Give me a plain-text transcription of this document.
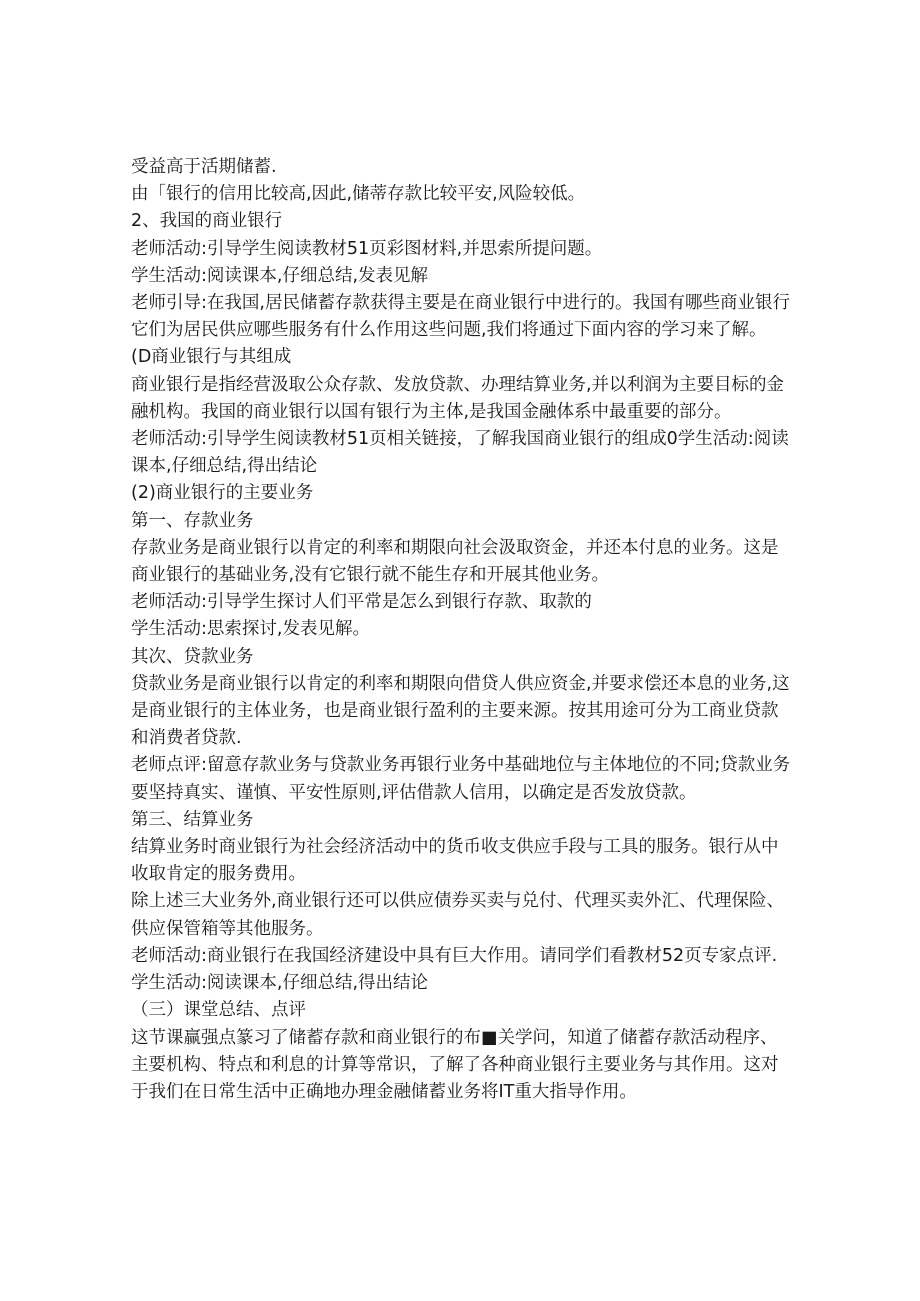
受益高于活期储蓄.

由「银行的信用比较高,因此,储蒂存款比较平安,风险较低。

2、我国的商业银行

老师活动:引导学生阅读教材51页彩图材料,并思索所提问题。

学生活动:阅读课本,仔细总结,发表见解

老师引导:在我国,居民储蓄存款获得主要是在商业银行中进行的。我国有哪些商业银行它们为居民供应哪些服务有什么作用这些问题,我们将通过下面内容的学习来了解。

(D商业银行与其组成

商业银行是指经营汲取公众存款、发放贷款、办理结算业务,并以利润为主要目标的金融机构。我国的商业银行以国有银行为主体,是我国金融体系中最重要的部分。

老师活动:引导学生阅读教材51页相关链接，了解我国商业银行的组成0学生活动:阅读课本,仔细总结,得出结论

(2)商业银行的主要业务

第一、存款业务

存款业务是商业银行以肯定的利率和期限向社会汲取资金，并还本付息的业务。这是商业银行的基础业务,没有它银行就不能生存和开展其他业务。

老师活动:引导学生探讨人们平常是怎么到银行存款、取款的

学生活动:思索探讨,发表见解。

其次、贷款业务

贷款业务是商业银行以肯定的利率和期限向借贷人供应资金,并要求偿还本息的业务,这是商业银行的主体业务，也是商业银行盈利的主要来源。按其用途可分为工商业贷款和消费者贷款.

老师点评:留意存款业务与贷款业务再银行业务中基础地位与主体地位的不同;贷款业务要坚持真实、谨慎、平安性原则,评估借款人信用，以确定是否发放贷款。

第三、结算业务

结算业务时商业银行为社会经济活动中的货币收支供应手段与工具的服务。银行从中收取肯定的服务费用。

除上述三大业务外,商业银行还可以供应债券买卖与兑付、代理买卖外汇、代理保险、供应保管箱等其他服务。

老师活动:商业银行在我国经济建设中具有巨大作用。请同学们看教材52页专家点评.

学生活动:阅读课本,仔细总结,得出结论

（三）课堂总结、点评

这节课赢强点篆习了储蓄存款和商业银行的布■关学问，知道了储蓄存款活动程序、主要机构、特点和利息的计算等常识，了解了各种商业银行主要业务与其作用。这对于我们在日常生活中正确地办理金融储蓄业务将IT重大指导作用。
